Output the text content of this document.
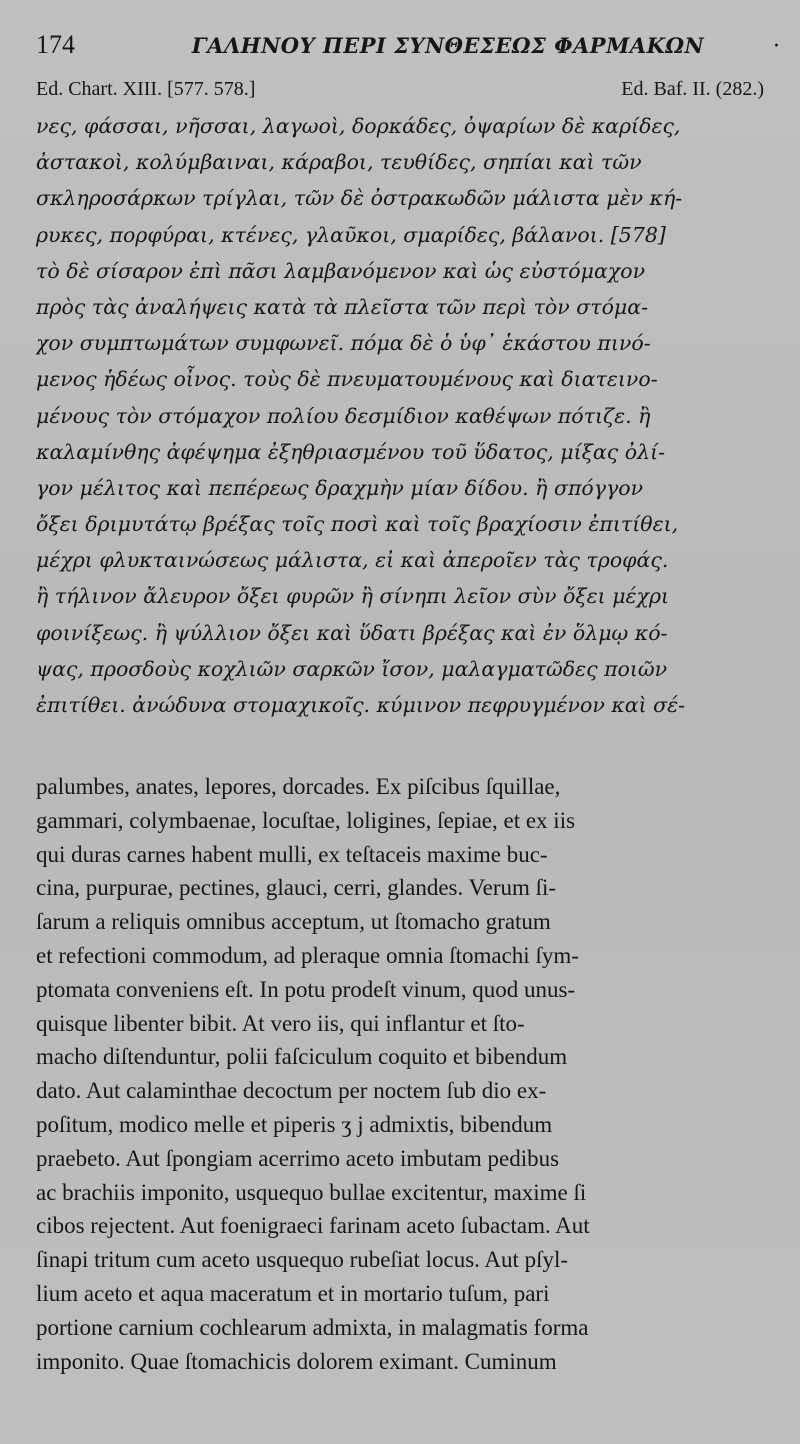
174	ΓΑΛΗΝΟΥ ΠΕΡΙ ΣΥΝΘΕΣΕΩΣ ΦΑΡΜΑΚΩΝ	·
Ed. Chart. XIII. [577. 578.]	Ed. Baf. II. (282.)
νες, φάσσαι, νῆσσαι, λαγωοὶ, δορκάδες, ὀψαρίων δὲ καρίδες,
ἀστακοὶ, κολύμβαιναι, κάραβοι, τευθίδες, σηπίαι καὶ τῶν
σκληροσάρκων τρίγλαι, τῶν δὲ ὀστρακωδῶν μάλιστα μὲν κή-
ρυκες, πορφύραι, κτένες, γλαῦκοι, σμαρίδες, βάλανοι. [578]
τὸ δὲ σίσαρον ἐπὶ πᾶσι λαμβανόμενον καὶ ὡς εὐστόμαχον
πρὸς τὰς ἀναλήψεις κατὰ τὰ πλεῖστα τῶν περὶ τὸν στόμα-
χον συμπτωμάτων συμφωνεῖ. πόμα δὲ ὁ ὑφ᾽ ἑκάστου πινό-
μενος ἡδέως οἶνος. τοὺς δὲ πνευματουμένους καὶ διατεινο-
μένους τὸν στόμαχον πολίου δεσμίδιον καθέψων πότιζε. ἢ
καλαμίνθης ἀφέψημα ἐξηθριασμένου τοῦ ὕδατος, μίξας ὀλί-
γον μέλιτος καὶ πεπέρεως δραχμὴν μίαν δίδου. ἢ σπόγγον
ὄξει δριμυτάτῳ βρέξας τοῖς ποσὶ καὶ τοῖς βραχίοσιν ἐπιτίθει,
μέχρι φλυκταινώσεως μάλιστα, εἰ καὶ ἀπεροῖεν τὰς τροφάς.
ἢ τήλινον ἄλευρον ὄξει φυρῶν ἢ σίνηπι λεῖον σὺν ὄξει μέχρι
φοινίξεως. ἢ ψύλλιον ὄξει καὶ ὕδατι βρέξας καὶ ἐν ὅλμῳ κό-
ψας, προσδοὺς κοχλιῶν σαρκῶν ἴσον, μαλαγματῶδες ποιῶν
ἐπιτίθει. ἀνώδυνα στομαχικοῖς. κύμινον πεφρυγμένον καὶ σέ-
palumbes, anates, lepores, dorcades. Ex piſcibus ſquillae,
gammari, colymbaenae, locuſtae, loligines, ſepiae, et ex iis
qui duras carnes habent mulli, ex teſtaceis maxime buc-
cina, purpurae, pectines, glauci, cerri, glandes. Verum ſi-
ſarum a reliquis omnibus acceptum, ut ſtomacho gratum
et refectioni commodum, ad pleraque omnia ſtomachi ſym-
ptomata conveniens eſt. In potu prodeſt vinum, quod unus-
quisque libenter bibit. At vero iis, qui inflantur et ſto-
macho diſtenduntur, polii faſciculum coquito et bibendum
dato. Aut calaminthae decoctum per noctem ſub dio ex-
poſitum, modico melle et piperis ʒ j admixtis, bibendum
praebeto. Aut ſpongiam acerrimo aceto imbutam pedibus
ac brachiis imponito, usquequo bullae excitentur, maxime ſi
cibos rejectent. Aut foenigraeci farinam aceto ſubactam. Aut
ſinapi tritum cum aceto usquequo rubeſiat locus. Aut pſyl-
lium aceto et aqua maceratum et in mortario tuſum, pari
portione carnium cochlearum admixta, in malagmatis forma
imponito. Quae ſtomachicis dolorem eximant. Cuminum
